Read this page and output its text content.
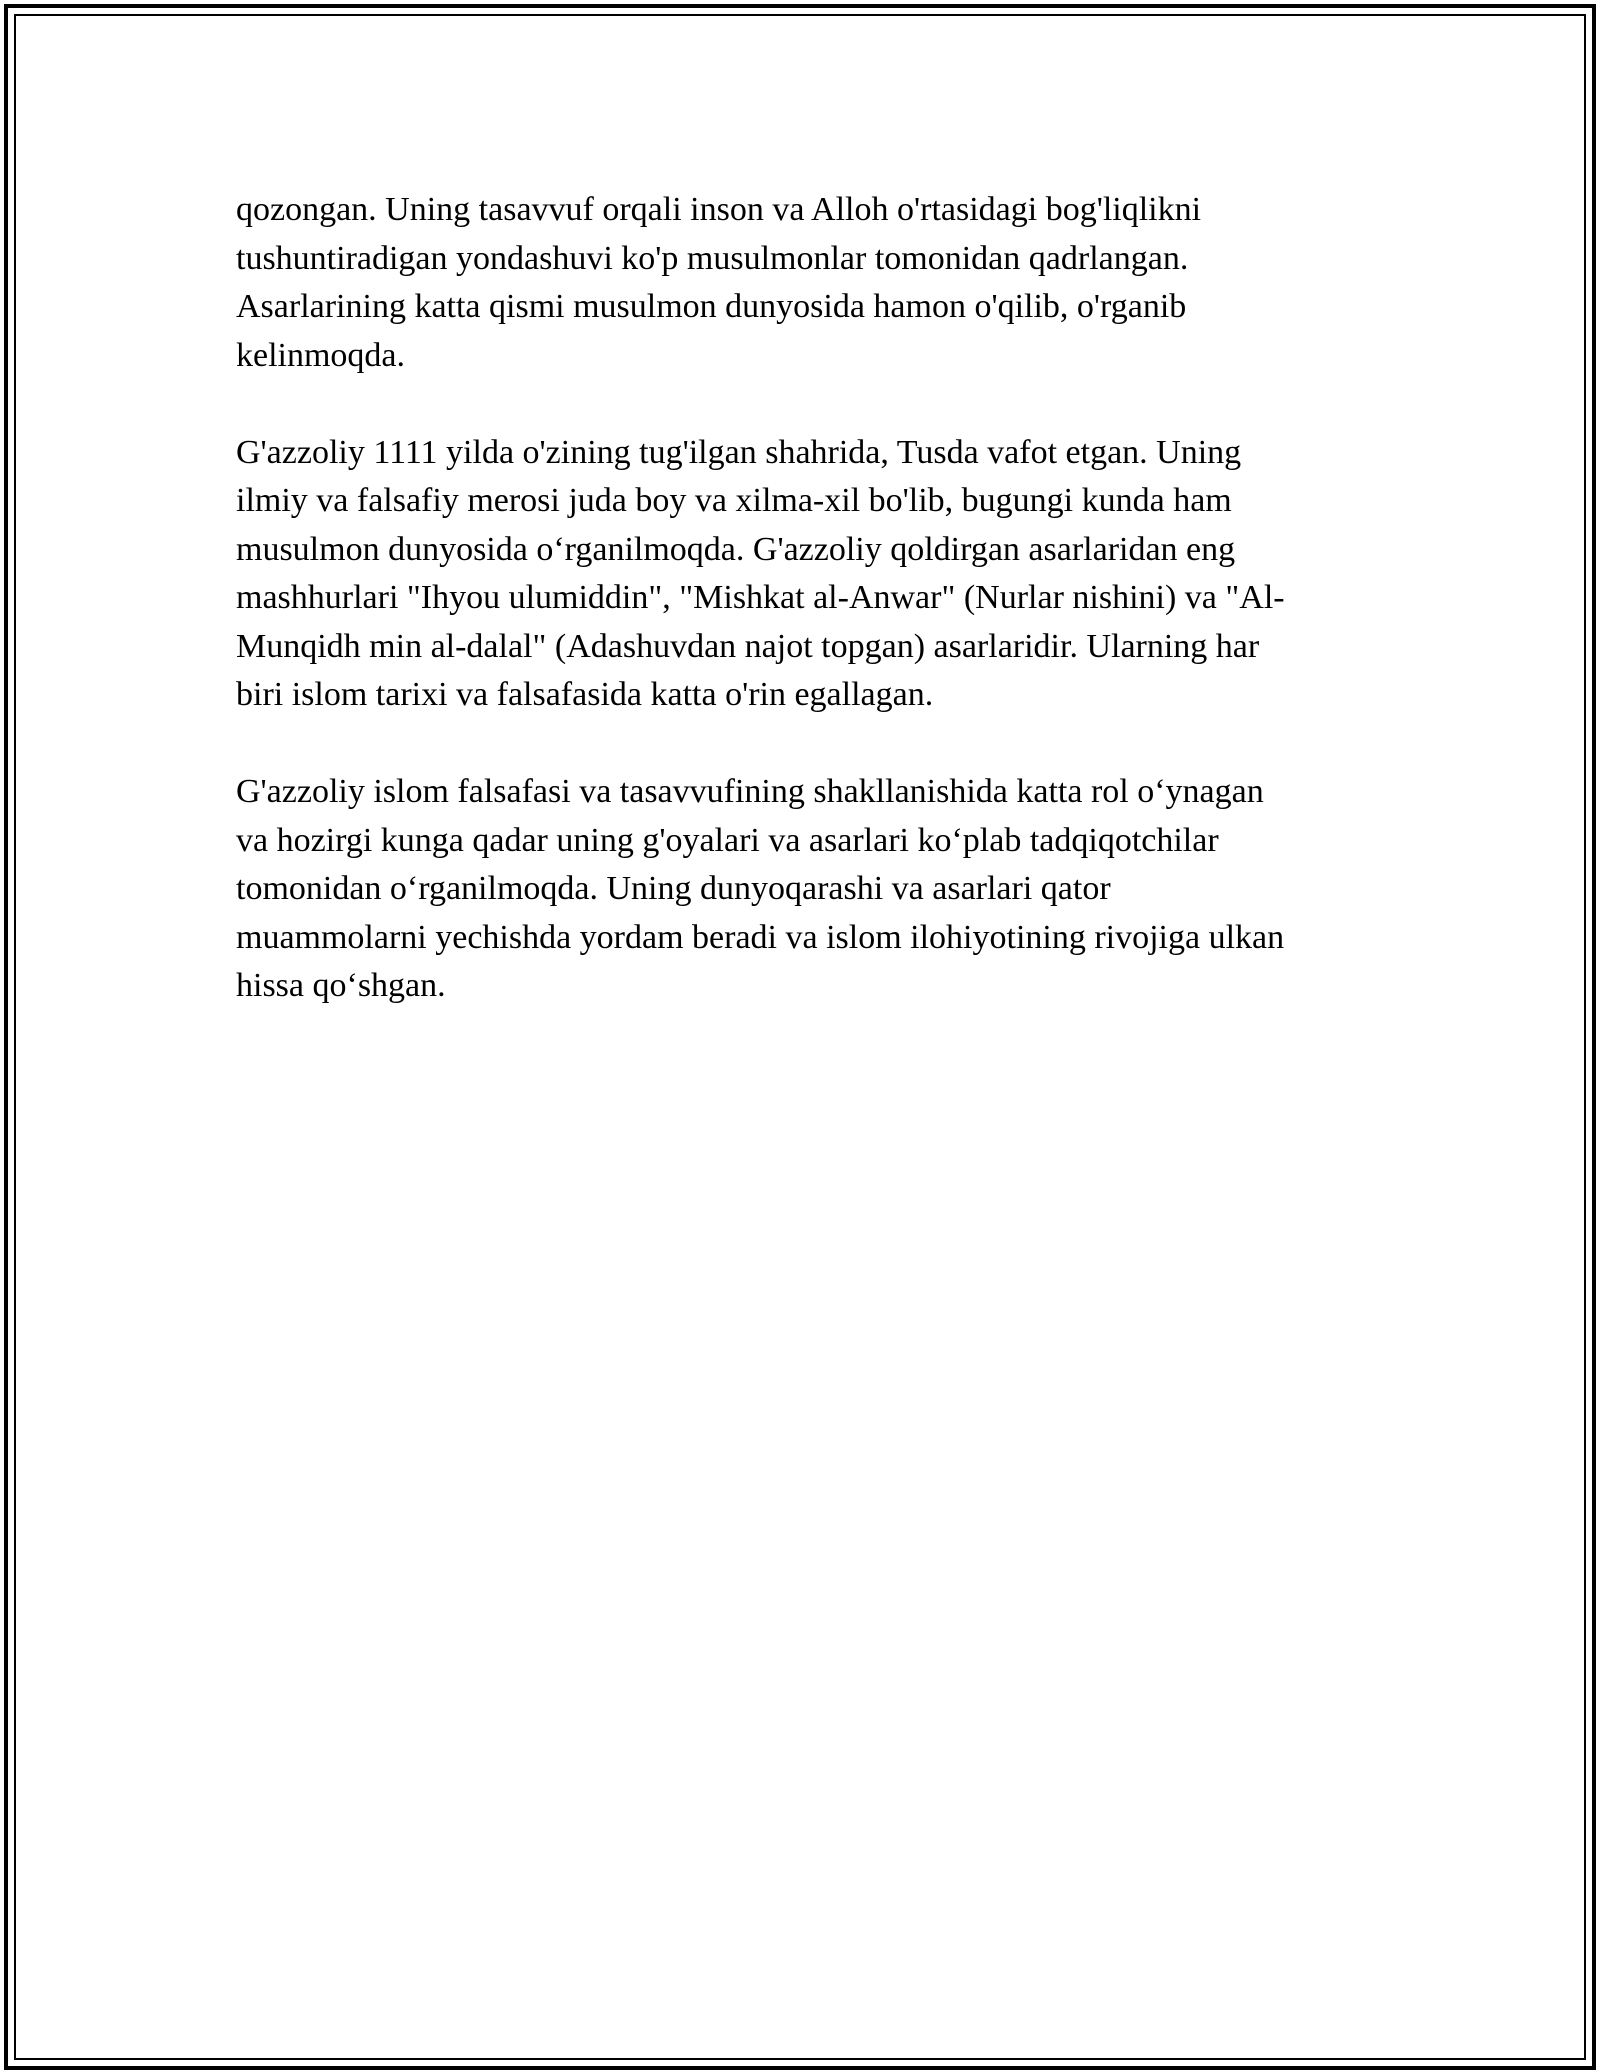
qozongan. Uning tasavvuf orqali inson va Alloh o'rtasidagi bog'liqlikni
tushuntiradigan yondashuvi ko'p musulmonlar tomonidan qadrlangan.
Asarlarining katta qismi musulmon dunyosida hamon o'qilib, o'rganib
kelinmoqda.

G'azzoliy 1111 yilda o'zining tug'ilgan shahrida, Tusda vafot etgan. Uning
ilmiy va falsafiy merosi juda boy va xilma-xil bo'lib, bugungi kunda ham
musulmon dunyosida o‘rganilmoqda. G'azzoliy qoldirgan asarlaridan eng
mashhurlari "Ihyou ulumiddin", "Mishkat al-Anwar" (Nurlar nishini) va "Al-
Munqidh min al-dalal" (Adashuvdan najot topgan) asarlaridir. Ularning har
biri islom tarixi va falsafasida katta o'rin egallagan.

G'azzoliy islom falsafasi va tasavvufining shakllanishida katta rol o‘ynagan
va hozirgi kunga qadar uning g'oyalari va asarlari ko‘plab tadqiqotchilar
tomonidan o‘rganilmoqda. Uning dunyoqarashi va asarlari qator
muammolarni yechishda yordam beradi va islom ilohiyotining rivojiga ulkan
hissa qo‘shgan.
